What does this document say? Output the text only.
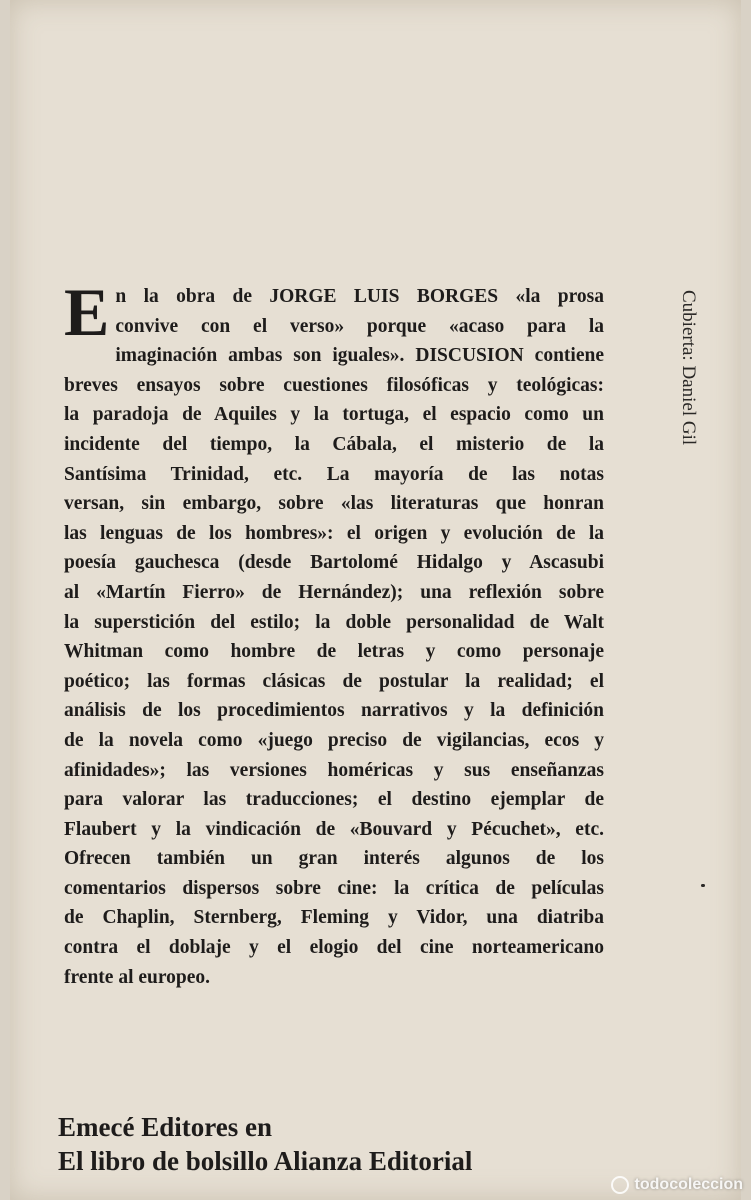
E n la obra de JORGE LUIS BORGES «la prosa
convive con el verso» porque «acaso para la
imaginación ambas son iguales». DISCUSION contiene
breves ensayos sobre cuestiones filosóficas y teológicas:
la paradoja de Aquiles y la tortuga, el espacio como un
incidente del tiempo, la Cábala, el misterio de la
Santísima Trinidad, etc. La mayoría de las notas
versan, sin embargo, sobre «las literaturas que honran
las lenguas de los hombres»: el origen y evolución de la
poesía gauchesca (desde Bartolomé Hidalgo y Ascasubi
al «Martín Fierro» de Hernández); una reflexión sobre
la superstición del estilo; la doble personalidad de Walt
Whitman como hombre de letras y como personaje
poético; las formas clásicas de postular la realidad; el
análisis de los procedimientos narrativos y la definición
de la novela como «juego preciso de vigilancias, ecos y
afinidades»; las versiones homéricas y sus enseñanzas
para valorar las traducciones; el destino ejemplar de
Flaubert y la vindicación de «Bouvard y Pécuchet», etc.
Ofrecen también un gran interés algunos de los
comentarios dispersos sobre cine: la crítica de películas
de Chaplin, Sternberg, Fleming y Vidor, una diatriba
contra el doblaje y el elogio del cine norteamericano
frente al europeo.
Cubierta: Daniel Gil
Emecé Editores en
El libro de bolsillo Alianza Editorial
todocoleccion
